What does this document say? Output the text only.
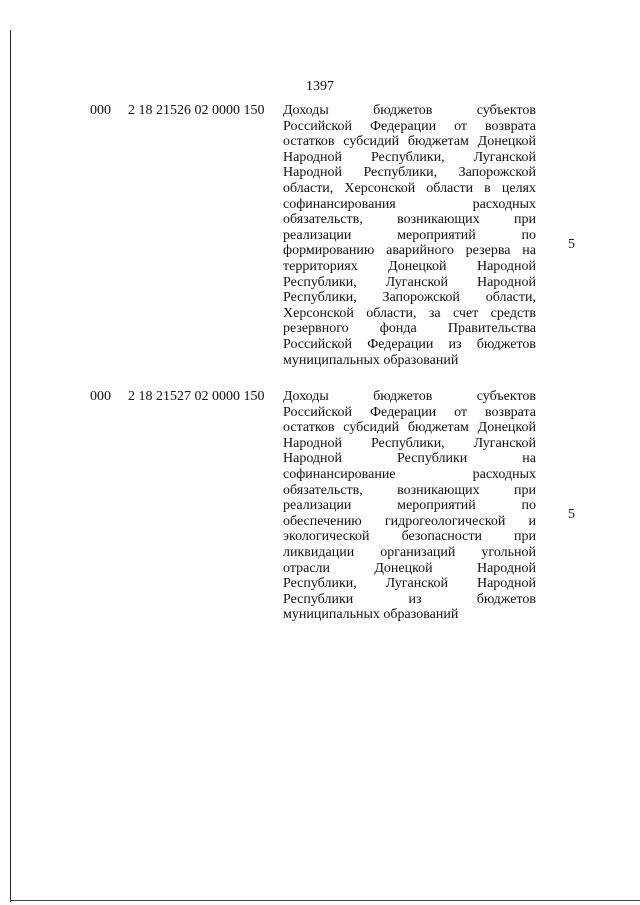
1397
000 2 18 21526 02 0000 150 Доходы бюджетов субъектов
Российской Федерации от возврата
остатков субсидий бюджетам Донецкой
Народной Республики, Луганской
Народной Республики, Запорожской
области, Херсонской области в целях
софинансирования расходных
обязательств, возникающих при
реализации мероприятий по
формированию аварийного резерва на
территориях Донецкой Народной
Республики, Луганской Народной
Республики, Запорожской области,
Херсонской области, за счет средств
резервного фонда Правительства
Российской Федерации из бюджетов
муниципальных образований
5
000 2 18 21527 02 0000 150 Доходы бюджетов субъектов
Российской Федерации от возврата
остатков субсидий бюджетам Донецкой
Народной Республики, Луганской
Народной Республики на
софинансирование расходных
обязательств, возникающих при
реализации мероприятий по
обеспечению гидрогеологической и
экологической безопасности при
ликвидации организаций угольной
отрасли Донецкой Народной
Республики, Луганской Народной
Республики из бюджетов
муниципальных образований
5
